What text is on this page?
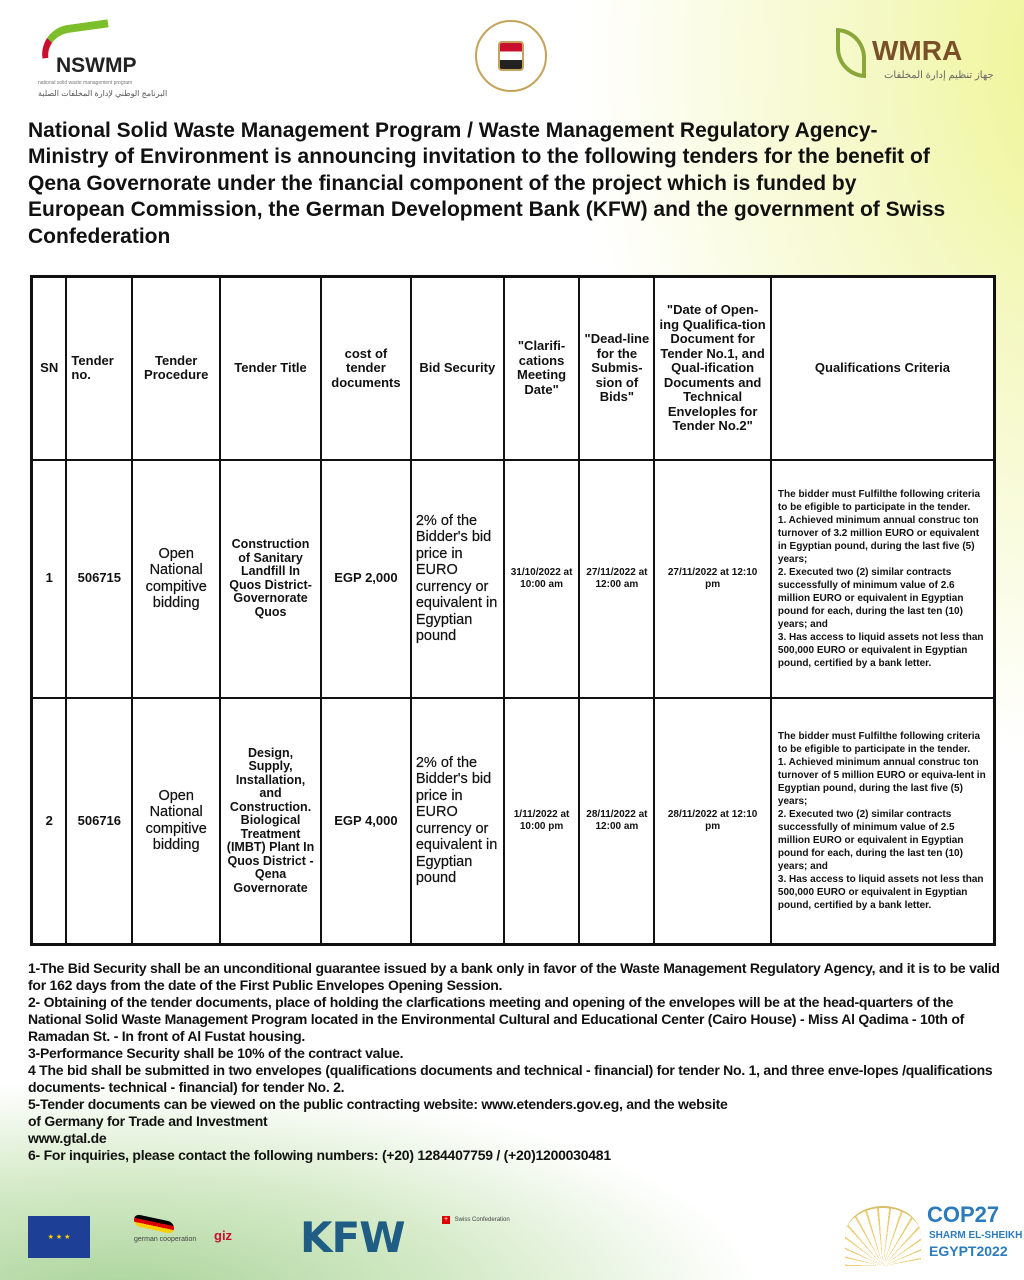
NSWMP
national solid waste management program
البرنامج الوطني لإدارة المخلفات الصلبة
WMRA
جهاز تنظيم إدارة المخلفات
National Solid Waste Management Program / Waste Management Regulatory Agency-Ministry of Environment is announcing invitation to the following tenders for the benefit of Qena Governorate under the financial component of the project which is funded by European Commission, the German Development Bank (KFW) and the government of Swiss Confederation
SN	Tender no.	Tender Procedure	Tender Title	cost of tender documents	Bid Security	"Clarifi-cations Meeting Date"	"Dead-line for the Submis-sion of Bids"	"Date of Open-ing Qualifica-tion Document for Tender No.1, and Qual-ification Documents and Technical Enveloples for Tender No.2"	Qualifications Criteria
1	506715	Open National compitive bidding	Construction of Sanitary Landfill In Quos District-Governorate Quos	EGP 2,000	2% of the Bidder's bid price in EURO currency or equivalent in Egyptian pound	31/10/2022 at 10:00 am	27/11/2022 at 12:00 am	27/11/2022 at 12:10 pm	The bidder must Fulfilthe following criteria to be efigible to participate in the tender.
1. Achieved minimum annual construc ton turnover of 3.2 million EURO or equivalent in Egyptian pound, during the last five (5) years;
2. Executed two (2) similar contracts successfully of minimum value of 2.6 million EURO or equivalent in Egyptian pound for each, during the last ten (10) years; and
3. Has access to liquid assets not less than
500,000 EURO or equivalent in Egyptian pound, certified by a bank letter.
2	506716	Open National compitive bidding	Design, Supply, Installation, and Construction. Biological Treatment (IMBT) Plant In Quos District -Qena Governorate	EGP 4,000	2% of the Bidder's bid price in EURO currency or equivalent in Egyptian pound	1/11/2022 at 10:00 pm	28/11/2022 at 12:00 am	28/11/2022 at 12:10 pm	The bidder must Fulfilthe following criteria to be efigible to participate in the tender.
1. Achieved minimum annual construc ton turnover of 5 million EURO or equiva-lent in Egyptian pound, during the last five (5) years;
2. Executed two (2) similar contracts successfully of minimum value of 2.5 million EURO or equivalent in Egyptian pound for each, during the last ten (10) years; and
3. Has access to liquid assets not less than
500,000 EURO or equivalent in Egyptian pound, certified by a bank letter.

1-The Bid Security shall be an unconditional guarantee issued by a bank only in favor of the Waste Management Regulatory Agency, and it is to be valid for 162 days from the date of the First Public Envelopes Opening Session.

2- Obtaining of the tender documents, place of holding the clarfications meeting and opening of the envelopes will be at the head-quarters of the
National Solid Waste Management Program located in the Environmental Cultural and Educational Center (Cairo House) - Miss Al Qadima - 10th of
Ramadan St. - In front of Al Fustat housing.

3-Performance Security shall be 10% of the contract value.

4 The bid shall be submitted in two envelopes (qualifications documents and technical - financial) for tender No. 1, and three enve-lopes /qualifications documents- technical - financial) for tender No. 2.

5-Tender documents can be viewed on the public contracting website: www.etenders.gov.eg, and the website
of Germany for Trade and Investment
www.gtal.de

6- For inquiries, please contact the following numbers: (+20) 1284407759 / (+20)1200030481

★ ★ ★	german cooperation	giz KFW	+ Swiss Confederation	COP27
SHARM EL-SHEIKH
EGYPT2022
